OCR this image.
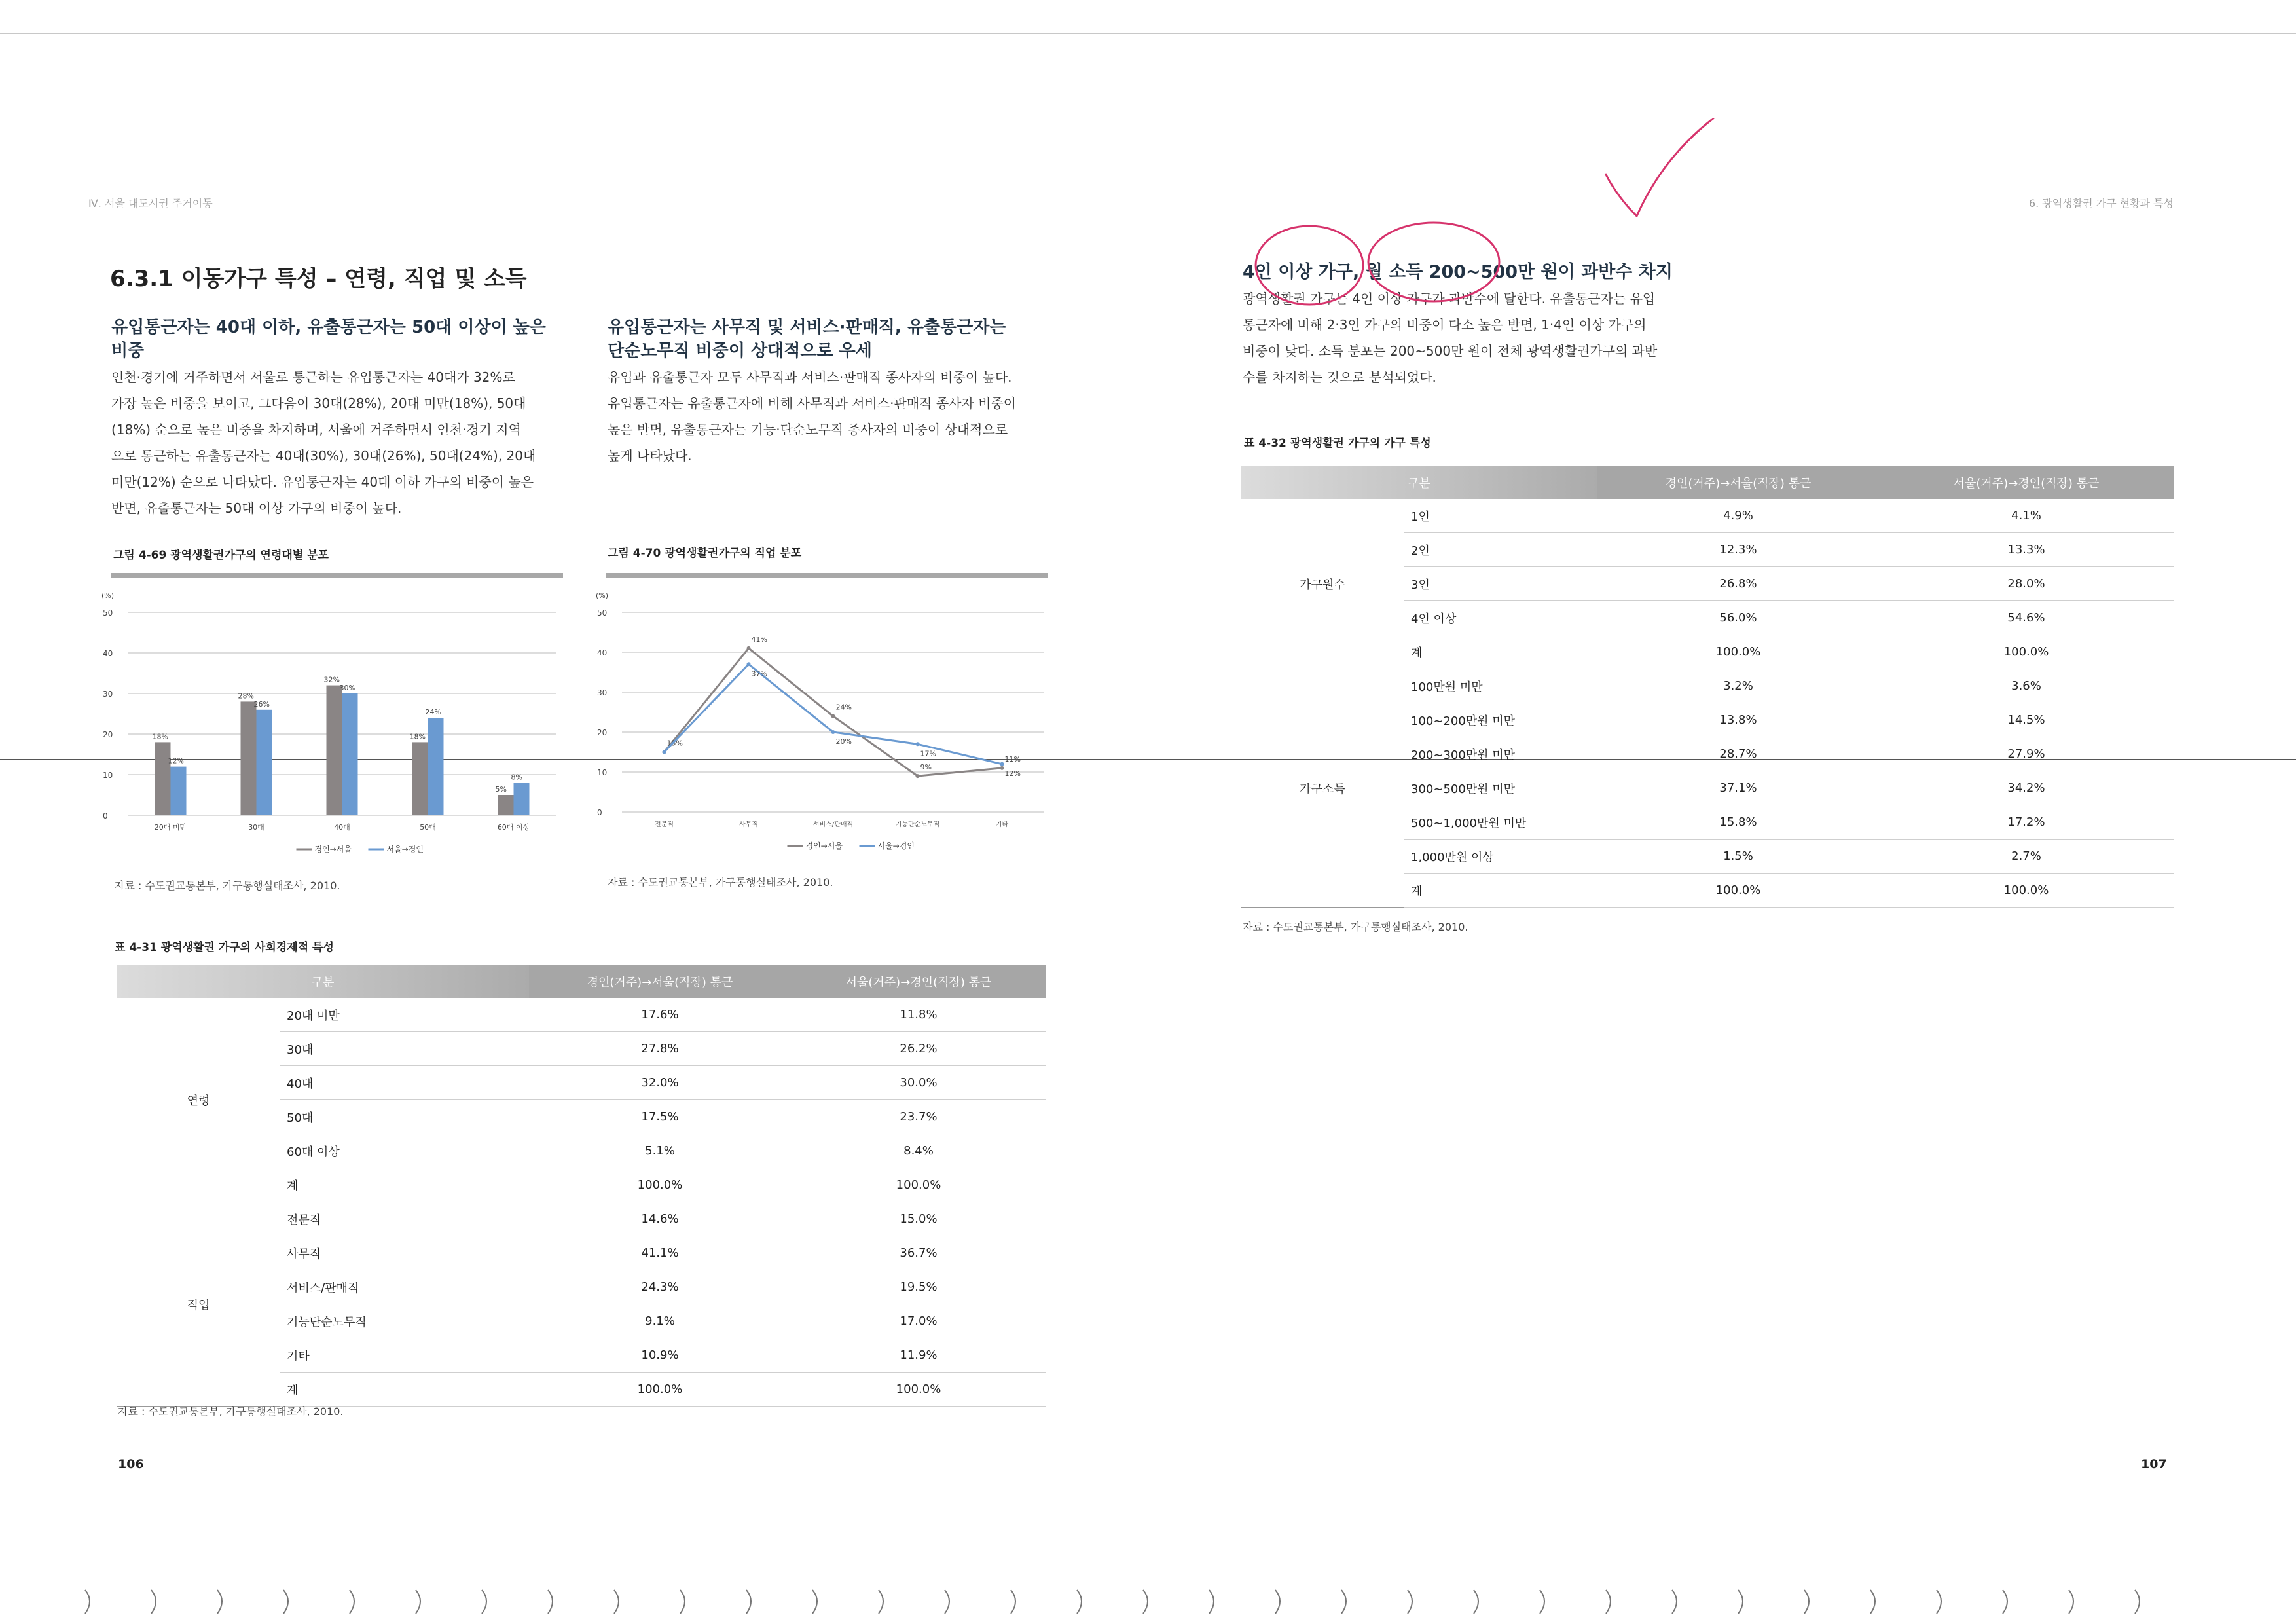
Ⅳ. 서울 대도시권 주거이동
6.3.1 이동가구 특성 – 연령, 직업 및 소득
유입통근자는 40대 이하, 유출통근자는 50대 이상이 높은 비중
인천·경기에 거주하면서 서울로 통근하는 유입통근자는 40대가 32%로
가장 높은 비중을 보이고, 그다음이 30대(28%), 20대 미만(18%), 50대
(18%) 순으로 높은 비중을 차지하며, 서울에 거주하면서 인천·경기 지역
으로 통근하는 유출통근자는 40대(30%), 30대(26%), 50대(24%), 20대
미만(12%) 순으로 나타났다. 유입통근자는 40대 이하 가구의 비중이 높은
반면, 유출통근자는 50대 이상 가구의 비중이 높다.
유입통근자는 사무직 및 서비스·판매직, 유출통근자는
단순노무직 비중이 상대적으로 우세
유입과 유출통근자 모두 사무직과 서비스·판매직 종사자의 비중이 높다.
유입통근자는 유출통근자에 비해 사무직과 서비스·판매직 종사자 비중이
높은 반면, 유출통근자는 기능·단순노무직 종사자의 비중이 상대적으로
높게 나타났다.
그림 4-69 광역생활권가구의 연령대별 분포
0
10
20
30
40
50
(%)
18%
12%
20대 미만
28%
26%
30대
32%
30%
40대
18%
24%
50대
5%
8%
60대 이상
경인→서울	서울→경인
자료 : 수도권교통본부, 가구통행실태조사, 2010.
그림 4-70 광역생활권가구의 직업 분포
0
10
20
30
40
50
(%)
15%
41%
24%
9%
11%
37%
20%
17%
12%
전문직	사무직	서비스/판매직	기능단순노무직	기타
경인→서울	서울→경인
자료 : 수도권교통본부, 가구통행실태조사, 2010.
표 4-31 광역생활권 가구의 사회경제적 특성
구분		경인(거주)→서울(직장) 통근	서울(거주)→경인(직장) 통근
연령	20대 미만	17.6%	11.8%
	30대	27.8%	26.2%
	40대	32.0%	30.0%
	50대	17.5%	23.7%
	60대 이상	5.1%	8.4%
	계	100.0%	100.0%
직업	전문직	14.6%	15.0%
	사무직	41.1%	36.7%
	서비스/판매직	24.3%	19.5%
	기능단순노무직	9.1%	17.0%
	기타	10.9%	11.9%
	계	100.0%	100.0%
자료 : 수도권교통본부, 가구통행실태조사, 2010.
106
6. 광역생활권 가구 현황과 특성
4인 이상 가구, 월 소득 200~500만 원이 과반수 차지
광역생활권 가구는 4인 이상 가구가 과반수에 달한다. 유출통근자는 유입
통근자에 비해 2·3인 가구의 비중이 다소 높은 반면, 1·4인 이상 가구의
비중이 낮다. 소득 분포는 200~500만 원이 전체 광역생활권가구의 과반
수를 차지하는 것으로 분석되었다.
표 4-32 광역생활권 가구의 가구 특성
구분		경인(거주)→서울(직장) 통근	서울(거주)→경인(직장) 통근
가구원수	1인	4.9%	4.1%
	2인	12.3%	13.3%
	3인	26.8%	28.0%
	4인 이상	56.0%	54.6%
	계	100.0%	100.0%
가구소득	100만원 미만	3.2%	3.6%
	100~200만원 미만	13.8%	14.5%
	200~300만원 미만	28.7%	27.9%
	300~500만원 미만	37.1%	34.2%
	500~1,000만원 미만	15.8%	17.2%
	1,000만원 이상	1.5%	2.7%
	계	100.0%	100.0%
자료 : 수도권교통본부, 가구통행실태조사, 2010.
107
